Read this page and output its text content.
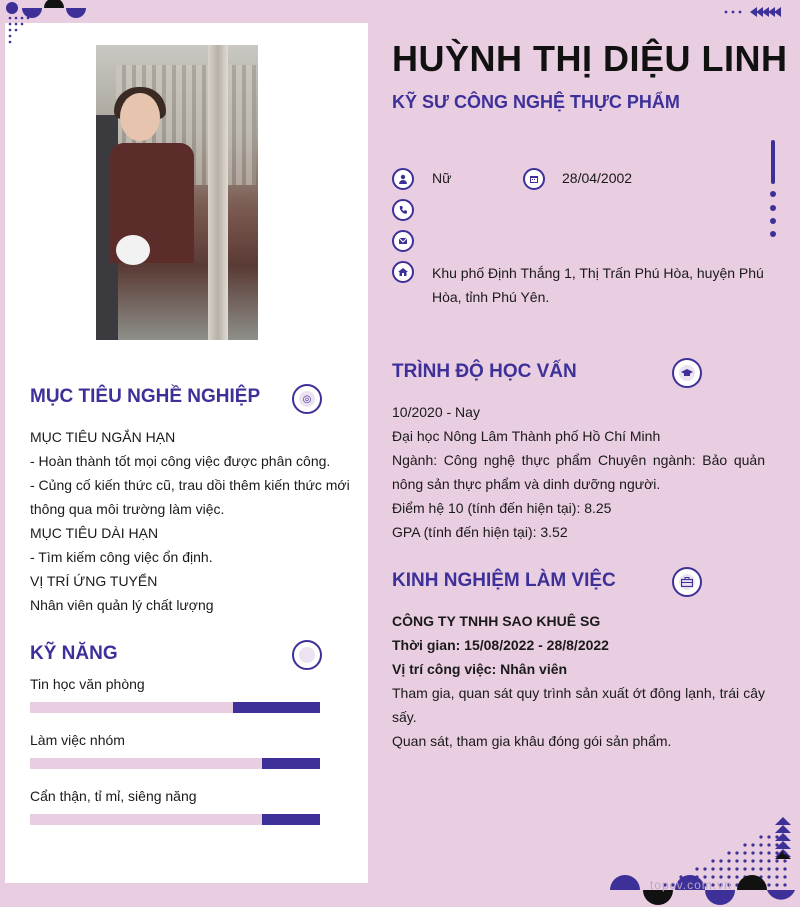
HUỲNH THỊ DIỆU LINH
KỸ SƯ CÔNG NGHỆ THỰC PHẨM
Nữ	28/04/2002
Khu phố Định Thắng 1, Thị Trấn Phú Hòa, huyện Phú Hòa, tỉnh Phú Yên.
MỤC TIÊU NGHỀ NGHIỆP	◎
MỤC TIÊU NGẮN HẠN
- Hoàn thành tốt mọi công việc được phân công.
- Củng cố kiến thức cũ, trau dồi thêm kiến thức mới
thông qua môi trường làm việc.
MỤC TIÊU DÀI HẠN
- Tìm kiếm công việc ổn định.
VỊ TRÍ ỨNG TUYỂN
Nhân viên quản lý chất lượng
KỸ NĂNG
Tin học văn phòng
Làm việc nhóm
Cẩn thận, tỉ mỉ, siêng năng
TRÌNH ĐỘ HỌC VẤN
10/2020 - Nay
Đại học Nông Lâm Thành phố Hồ Chí Minh
Ngành: Công nghệ thực phẩm Chuyên ngành: Bảo quản nông sản thực phẩm và dinh dưỡng người.
Điểm hệ 10 (tính đến hiện tại): 8.25
GPA (tính đến hiện tại): 3.52
KINH NGHIỆM LÀM VIỆC
CÔNG TY TNHH SAO KHUÊ SG
Thời gian: 15/08/2022 - 28/8/2022
Vị trí công việc: Nhân viên
Tham gia, quan sát quy trình sản xuất ớt đông lạnh, trái cây sấy.
Quan sát, tham gia khâu đóng gói sản phẩm.
topcv.com.vn
